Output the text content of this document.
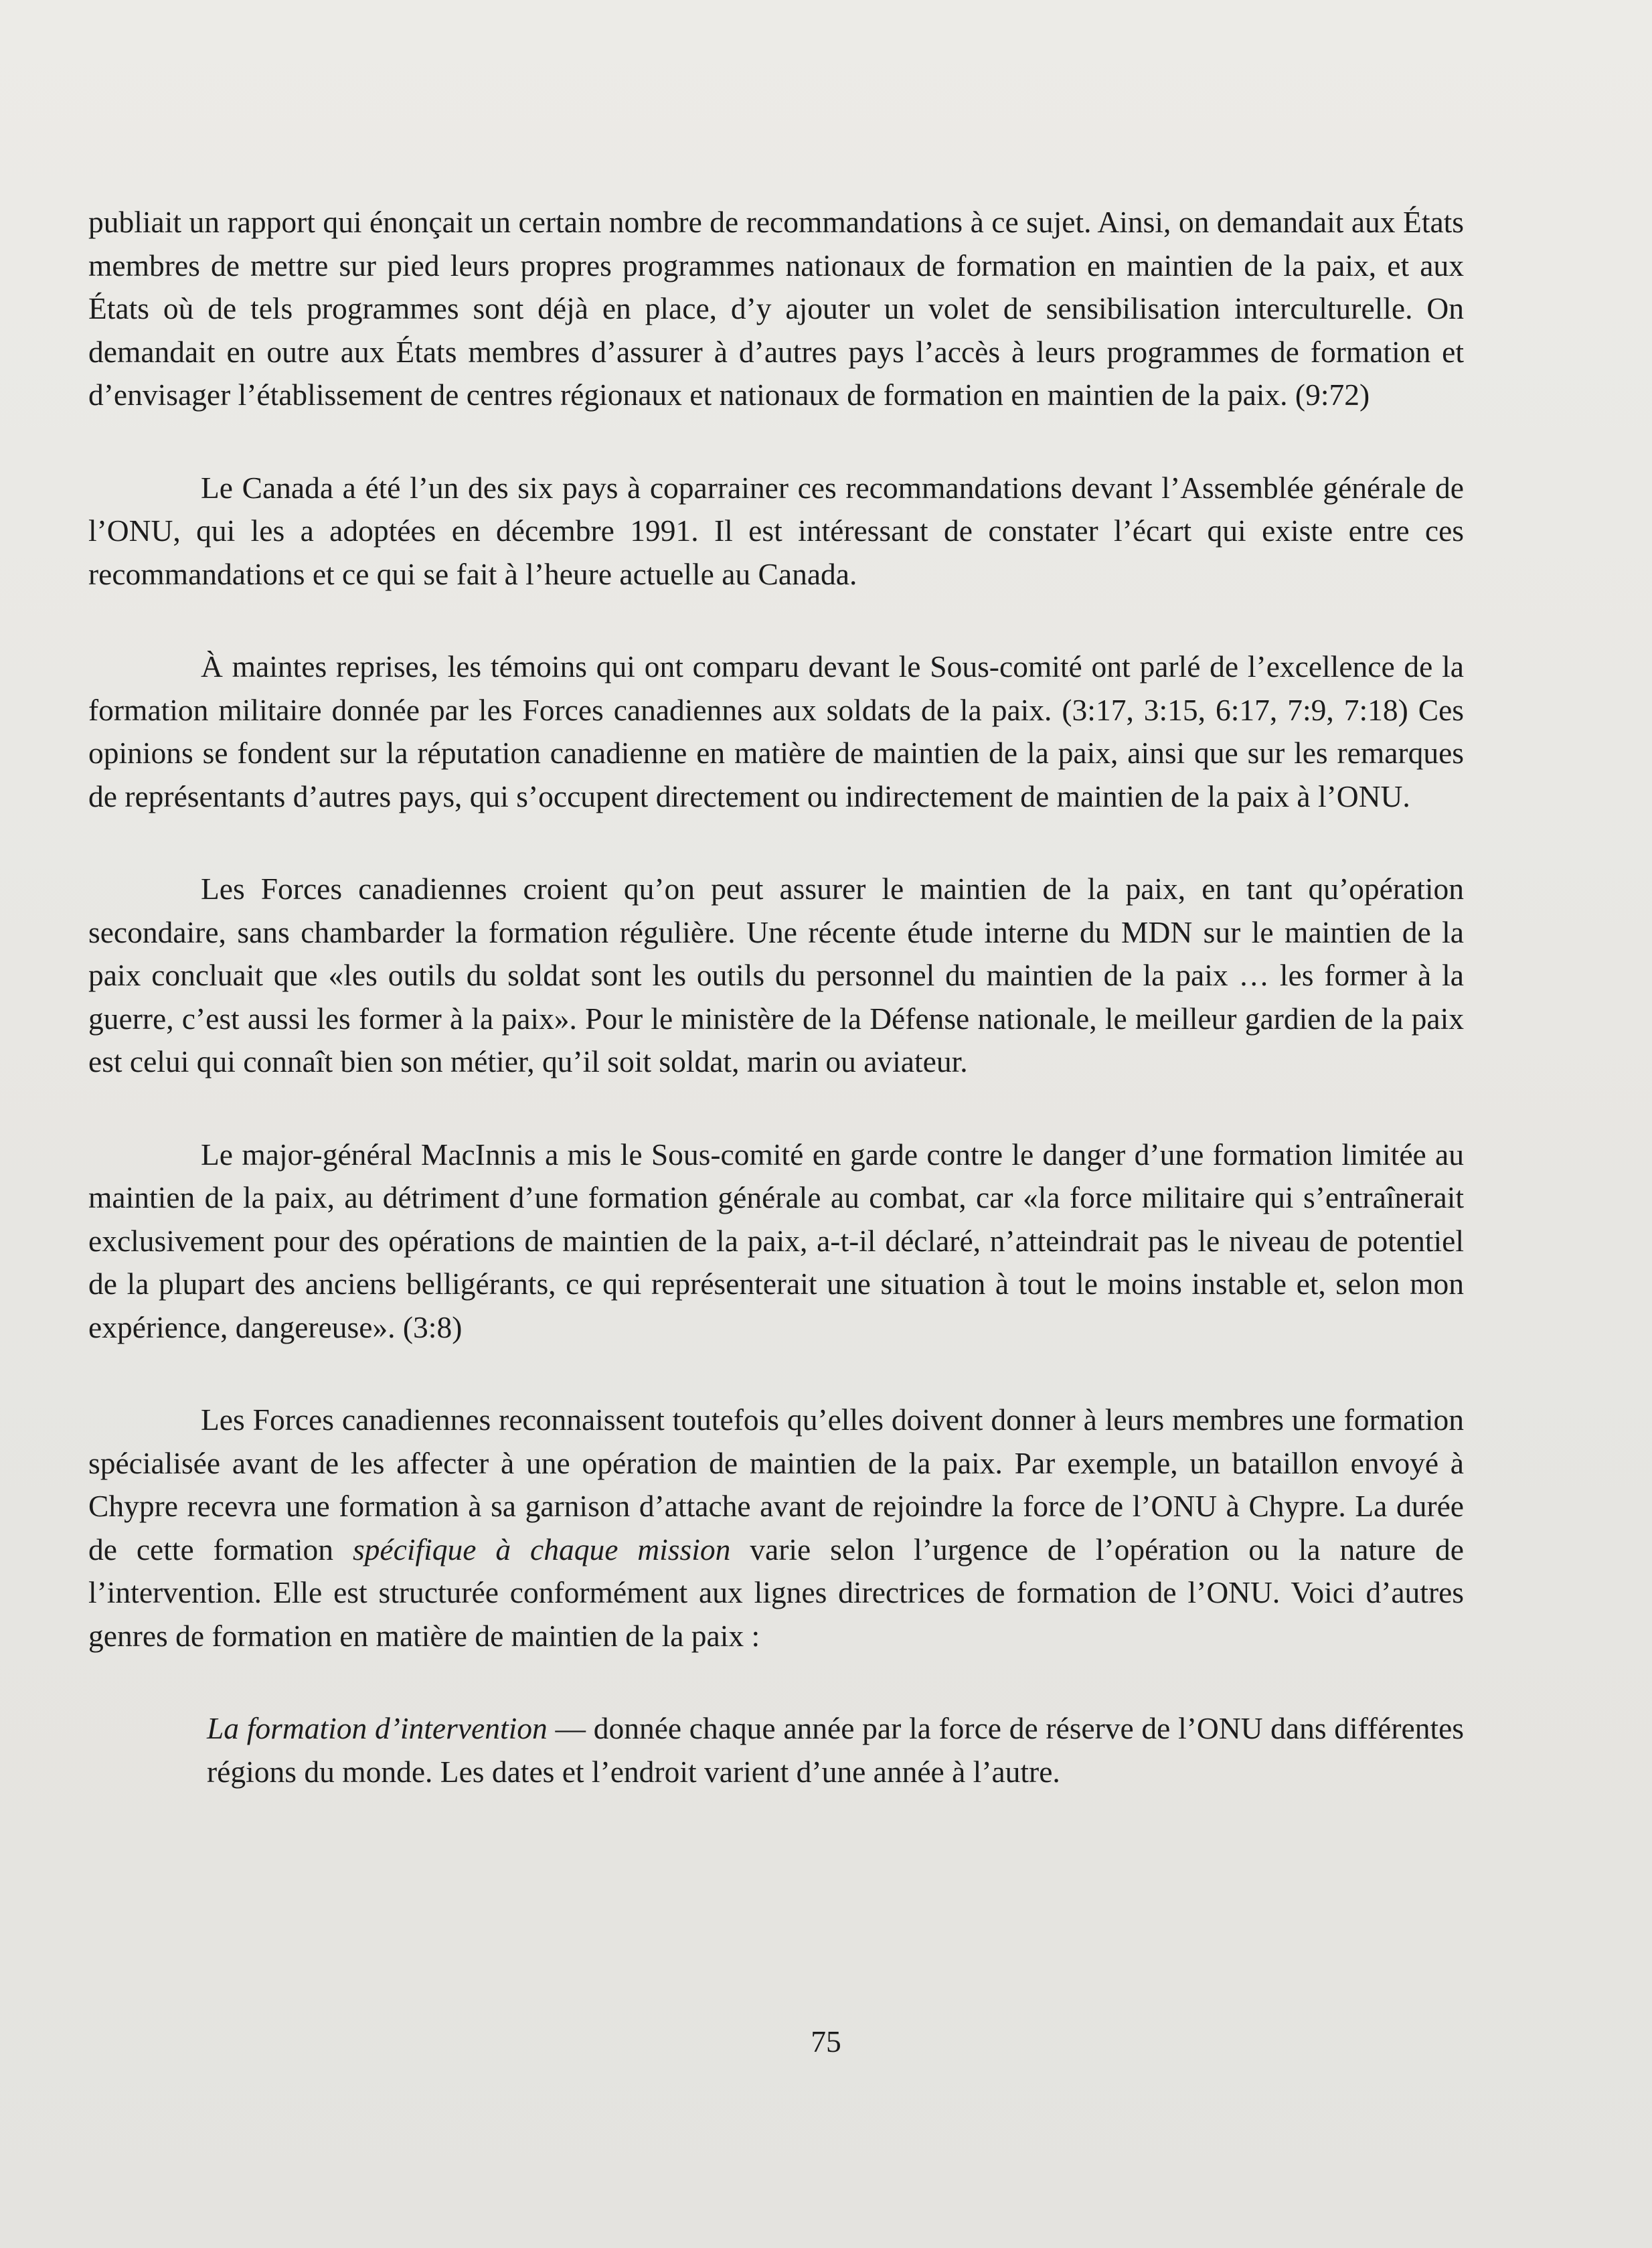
publiait un rapport qui énonçait un certain nombre de recommandations à ce sujet. Ainsi, on demandait aux États membres de mettre sur pied leurs propres programmes nationaux de formation en maintien de la paix, et aux États où de tels programmes sont déjà en place, d’y ajouter un volet de sensibilisation interculturelle. On demandait en outre aux États membres d’assurer à d’autres pays l’accès à leurs programmes de formation et d’envisager l’établissement de centres régionaux et nationaux de formation en maintien de la paix. (9:72)

Le Canada a été l’un des six pays à coparrainer ces recommandations devant l’Assemblée générale de l’ONU, qui les a adoptées en décembre 1991. Il est intéressant de constater l’écart qui existe entre ces recommandations et ce qui se fait à l’heure actuelle au Canada.

À maintes reprises, les témoins qui ont comparu devant le Sous-comité ont parlé de l’excellence de la formation militaire donnée par les Forces canadiennes aux soldats de la paix. (3:17, 3:15, 6:17, 7:9, 7:18) Ces opinions se fondent sur la réputation canadienne en matière de maintien de la paix, ainsi que sur les remarques de représentants d’autres pays, qui s’occupent directement ou indirectement de maintien de la paix à l’ONU.

Les Forces canadiennes croient qu’on peut assurer le maintien de la paix, en tant qu’opération secondaire, sans chambarder la formation régulière. Une récente étude interne du MDN sur le maintien de la paix concluait que «les outils du soldat sont les outils du personnel du maintien de la paix … les former à la guerre, c’est aussi les former à la paix». Pour le ministère de la Défense nationale, le meilleur gardien de la paix est celui qui connaît bien son métier, qu’il soit soldat, marin ou aviateur.

Le major-général MacInnis a mis le Sous-comité en garde contre le danger d’une formation limitée au maintien de la paix, au détriment d’une formation générale au combat, car «la force militaire qui s’entraînerait exclusivement pour des opérations de maintien de la paix, a-t-il déclaré, n’atteindrait pas le niveau de potentiel de la plupart des anciens belligérants, ce qui représenterait une situation à tout le moins instable et, selon mon expérience, dangereuse». (3:8)

Les Forces canadiennes reconnaissent toutefois qu’elles doivent donner à leurs membres une formation spécialisée avant de les affecter à une opération de maintien de la paix. Par exemple, un bataillon envoyé à Chypre recevra une formation à sa garnison d’attache avant de rejoindre la force de l’ONU à Chypre. La durée de cette formation spécifique à chaque mission varie selon l’urgence de l’opération ou la nature de l’intervention. Elle est structurée conformément aux lignes directrices de formation de l’ONU. Voici d’autres genres de formation en matière de maintien de la paix :

La formation d’intervention — donnée chaque année par la force de réserve de l’ONU dans différentes régions du monde. Les dates et l’endroit varient d’une année à l’autre.

75
